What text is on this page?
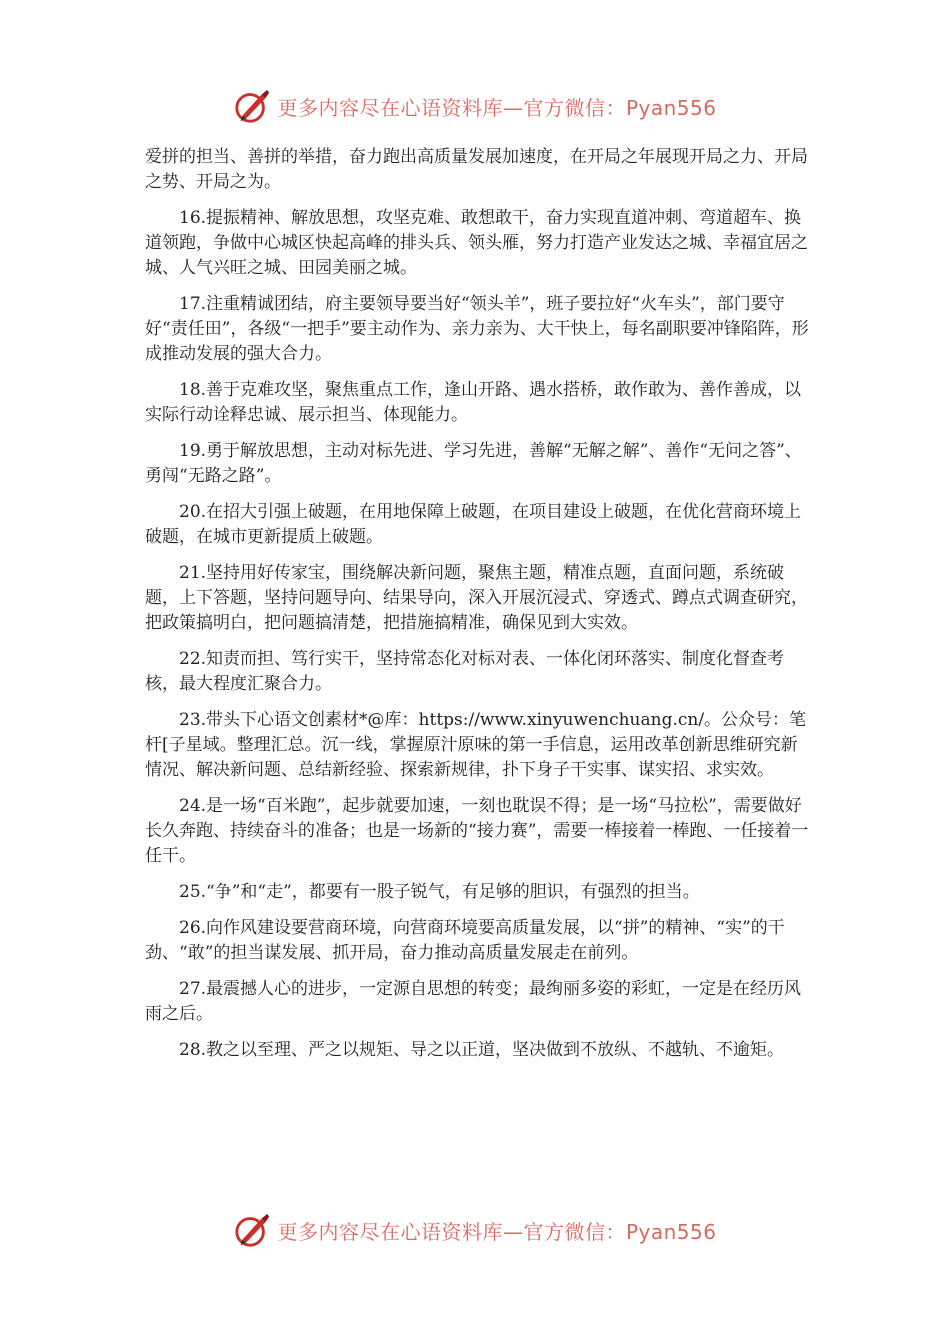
更多内容尽在心语资料库—官方微信：Pyan556

爱拼的担当、善拼的举措，奋力跑出高质量发展加速度，在开局之年展现开局之力、开局之势、开局之为。

16.提振精神、解放思想，攻坚克难、敢想敢干，奋力实现直道冲刺、弯道超车、换道领跑，争做中心城区快起高峰的排头兵、领头雁，努力打造产业发达之城、幸福宜居之城、人气兴旺之城、田园美丽之城。

17.注重精诚团结，府主要领导要当好“领头羊”，班子要拉好“火车头”，部门要守好“责任田”，各级“一把手”要主动作为、亲力亲为、大干快上，每名副职要冲锋陷阵，形成推动发展的强大合力。

18.善于克难攻坚，聚焦重点工作，逢山开路、遇水搭桥，敢作敢为、善作善成，以实际行动诠释忠诚、展示担当、体现能力。

19.勇于解放思想，主动对标先进、学习先进，善解“无解之解”、善作“无问之答”、勇闯“无路之路”。

20.在招大引强上破题，在用地保障上破题，在项目建设上破题，在优化营商环境上破题，在城市更新提质上破题。

21.坚持用好传家宝，围绕解决新问题，聚焦主题，精准点题，直面问题，系统破题，上下答题，坚持问题导向、结果导向，深入开展沉浸式、穿透式、蹲点式调查研究，把政策搞明白，把问题搞清楚，把措施搞精准，确保见到大实效。

22.知责而担、笃行实干，坚持常态化对标对表、一体化闭环落实、制度化督查考核，最大程度汇聚合力。

23.带头下心语文创素材*@库：https://www.xinyuwenchuang.cn/。公众号：笔杆[子星域。整理汇总。沉一线，掌握原汁原味的第一手信息，运用改革创新思维研究新情况、解决新问题、总结新经验、探索新规律，扑下身子干实事、谋实招、求实效。

24.是一场“百米跑”，起步就要加速，一刻也耽误不得；是一场“马拉松”，需要做好长久奔跑、持续奋斗的准备；也是一场新的“接力赛”，需要一棒接着一棒跑、一任接着一任干。

25.“争”和“走”，都要有一股子锐气，有足够的胆识，有强烈的担当。

26.向作风建设要营商环境，向营商环境要高质量发展，以“拼”的精神、“实”的干劲、“敢”的担当谋发展、抓开局，奋力推动高质量发展走在前列。

27.最震撼人心的进步，一定源自思想的转变；最绚丽多姿的彩虹，一定是在经历风雨之后。

28.教之以至理、严之以规矩、导之以正道，坚决做到不放纵、不越轨、不逾矩。

更多内容尽在心语资料库—官方微信：Pyan556
